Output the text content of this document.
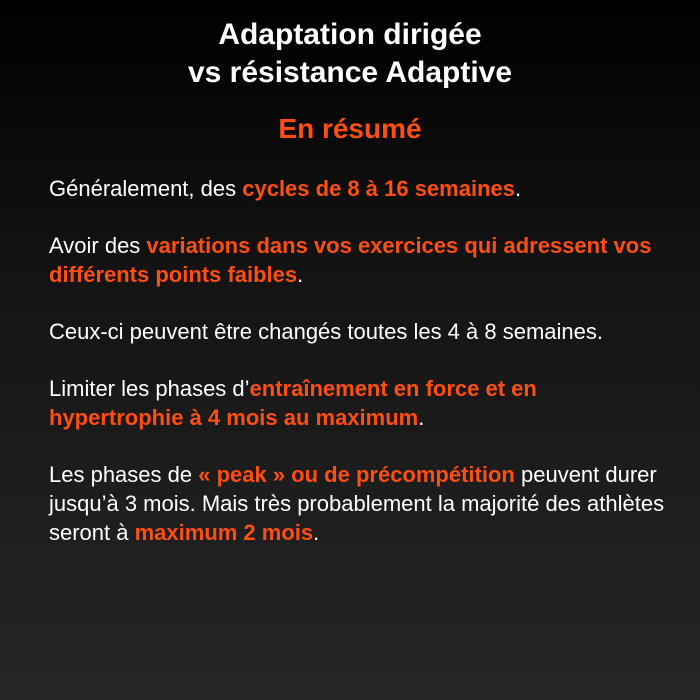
Adaptation dirigée
vs résistance Adaptive
En résumé

Généralement, des cycles de 8 à 16 semaines.

Avoir des variations dans vos exercices qui adressent vos différents points faibles.

Ceux-ci peuvent être changés toutes les 4 à 8 semaines.

Limiter les phases d’entraînement en force et en hypertrophie à 4 mois au maximum.

Les phases de « peak » ou de précompétition peuvent durer jusqu’à 3 mois. Mais très probablement la majorité des athlètes seront à maximum 2 mois.
